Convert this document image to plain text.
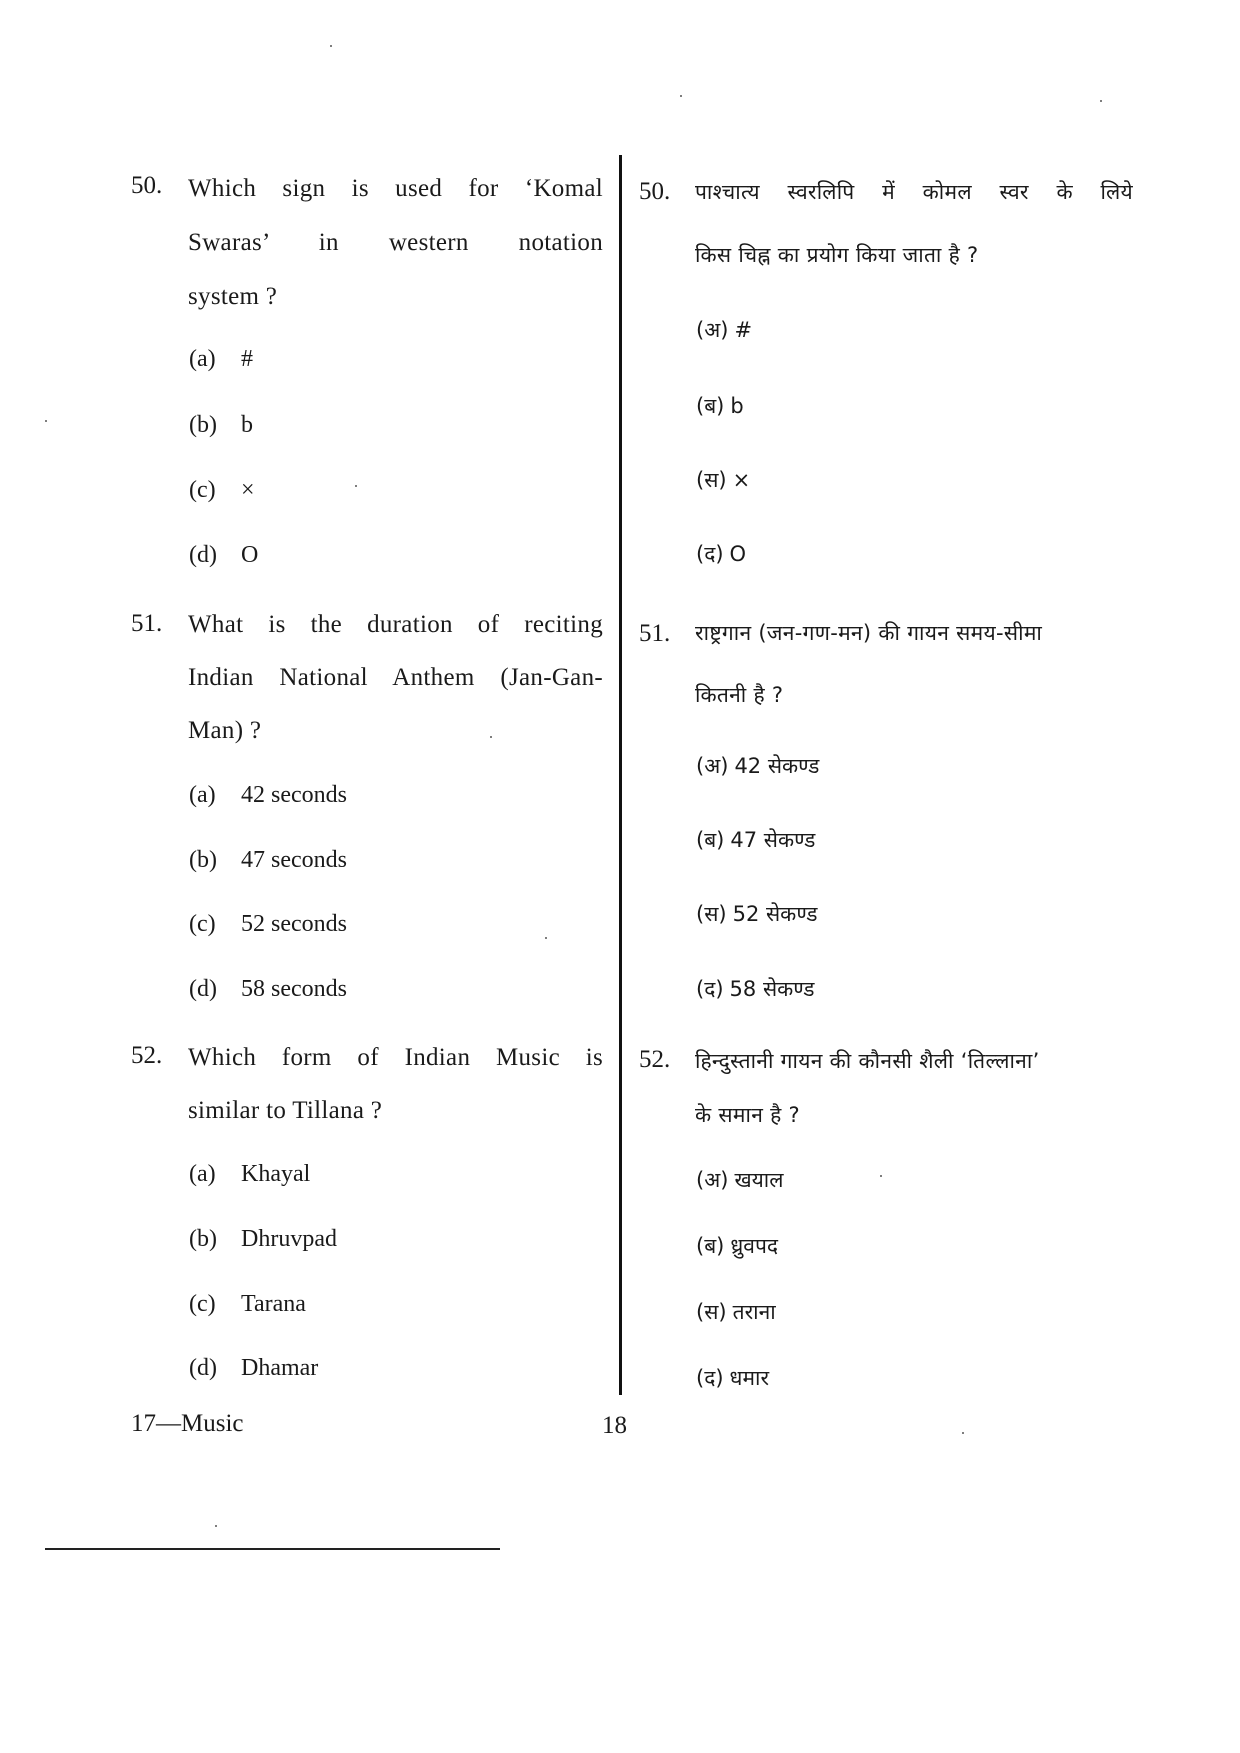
50. Which sign is used for ‘Komal
Swaras’ in western notation
system ?
(a) #
(b) b
(c) ×
(d) O
51. What is the duration of reciting
Indian National Anthem (Jan-Gan-
Man) ?
(a) 42 seconds
(b) 47 seconds
(c) 52 seconds
(d) 58 seconds
52. Which form of Indian Music is
similar to Tillana ?
(a) Khayal
(b) Dhruvpad
(c) Tarana
(d) Dhamar
50. पाश्चात्य स्वरलिपि में कोमल स्वर के लिये
किस चिह्न का प्रयोग किया जाता है ?
(अ) #
(ब) b
(स) ×
(द) O
51. राष्ट्रगान (जन-गण-मन) की गायन समय-सीमा
कितनी है ?
(अ) 42 सेकण्ड
(ब) 47 सेकण्ड
(स) 52 सेकण्ड
(द) 58 सेकण्ड
52. हिन्दुस्तानी गायन की कौनसी शैली ‘तिल्लाना’
के समान है ?
(अ) खयाल
(ब) ध्रुवपद
(स) तराना
(द) धमार
17—Music	18
